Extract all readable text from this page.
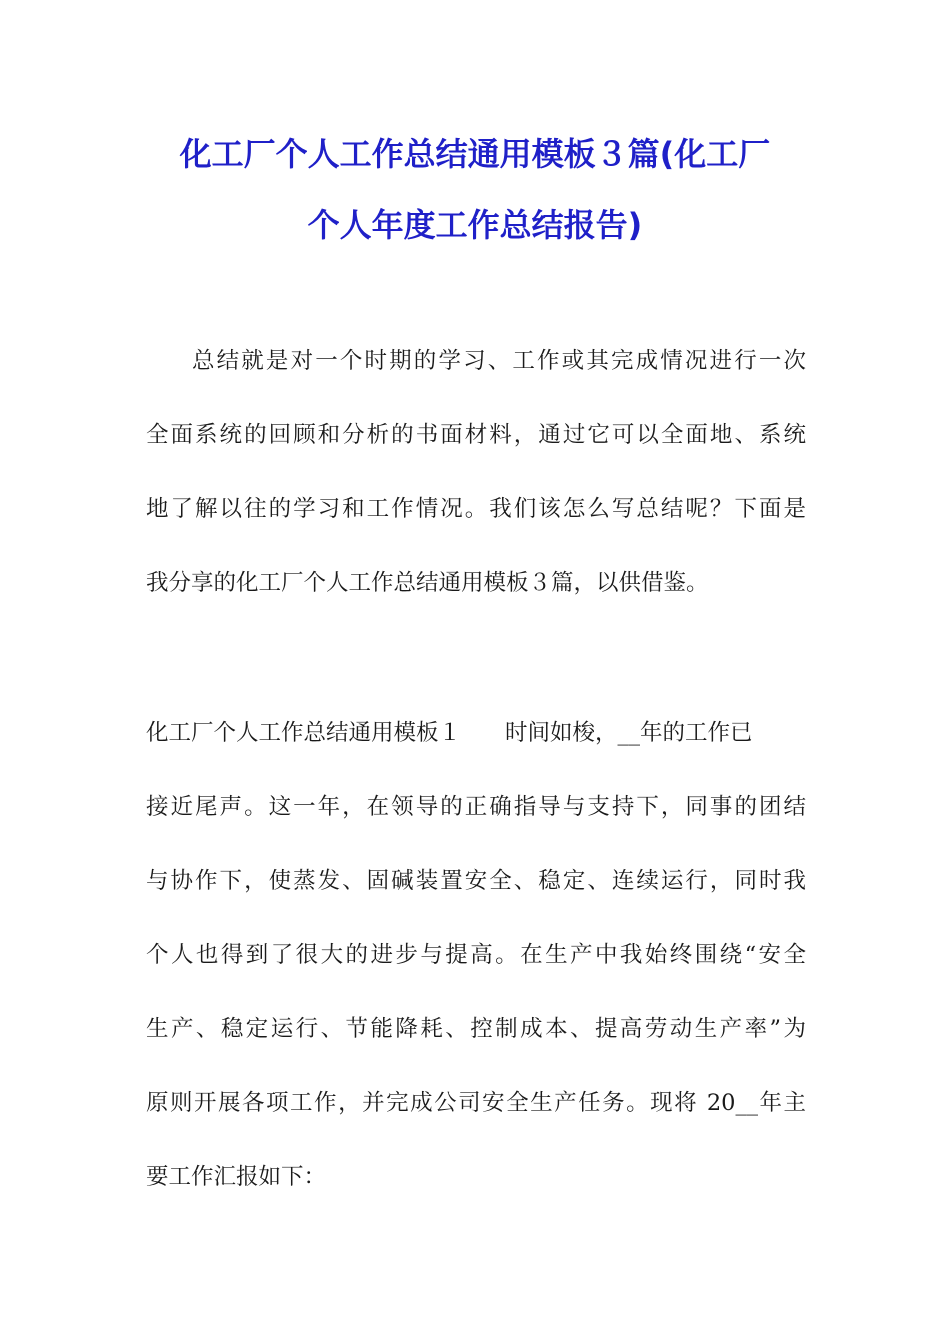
化工厂个人工作总结通用模板３篇(化工厂
个人年度工作总结报告)
总结就是对一个时期的学习、工作或其完成情况进行一次
全面系统的回顾和分析的书面材料，通过它可以全面地、系统
地了解以往的学习和工作情况。我们该怎么写总结呢？下面是
我分享的化工厂个人工作总结通用模板３篇，以供借鉴。
化工厂个人工作总结通用模板１ 时间如梭，__年的工作已
接近尾声。这一年，在领导的正确指导与支持下，同事的团结
与协作下，使蒸发、固碱装置安全、稳定、连续运行，同时我
个人也得到了很大的进步与提高。在生产中我始终围绕“安全
生产、稳定运行、节能降耗、控制成本、提高劳动生产率”为
原则开展各项工作，并完成公司安全生产任务。现将 20__年主
要工作汇报如下：
